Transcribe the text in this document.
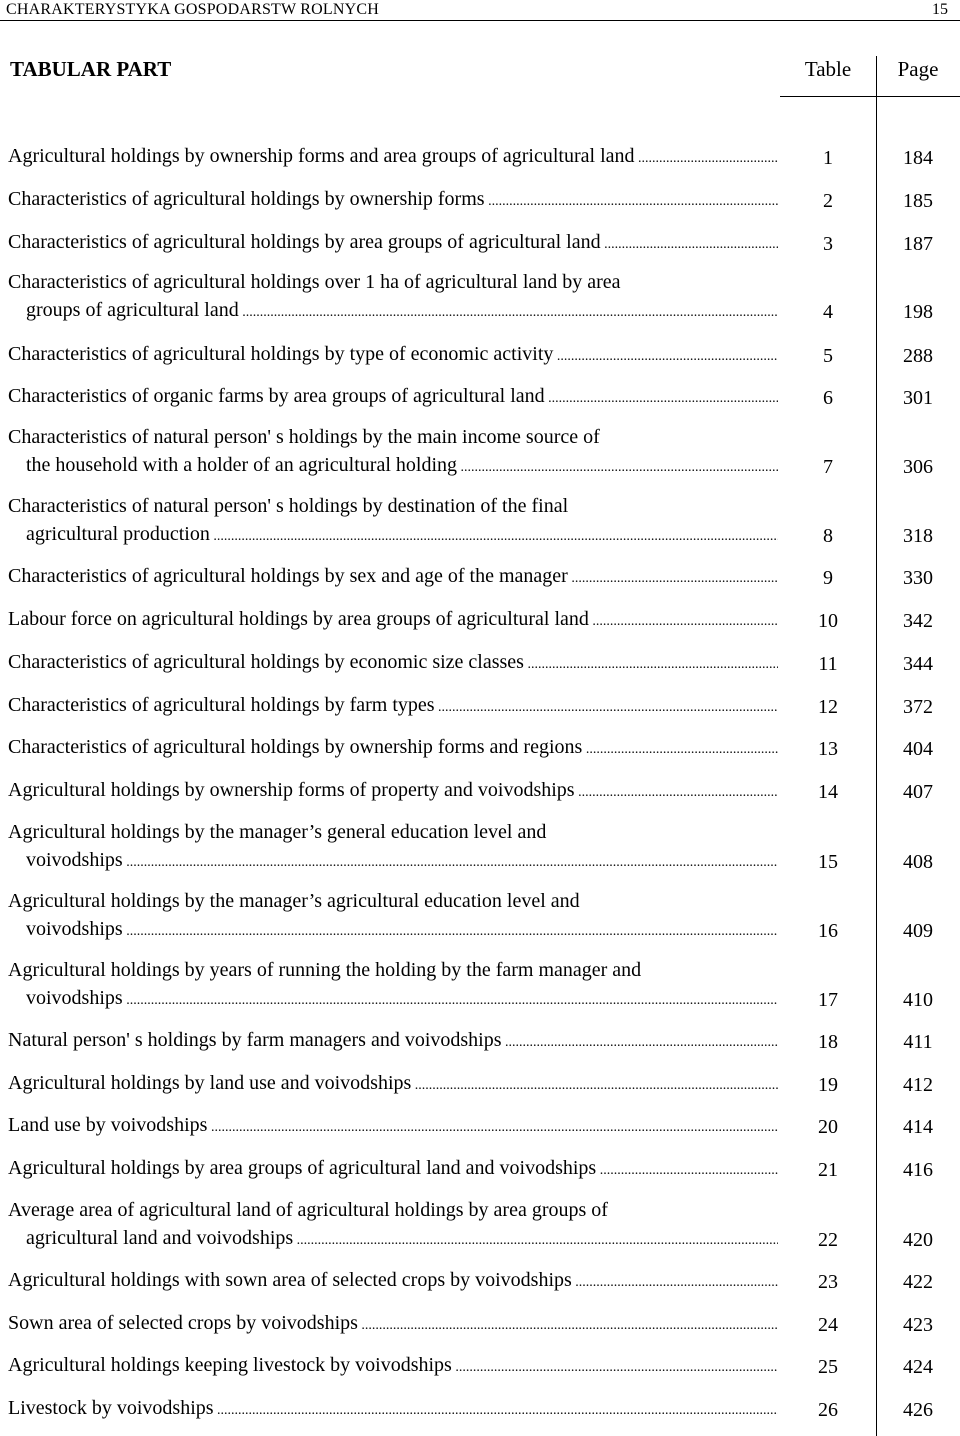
CHARAKTERYSTYKA GOSPODARSTW ROLNYCH	15
TABULAR PART	Table	Page
Agricultural holdings by ownership forms and area groups of agricultural land .....	1	184
Characteristics of agricultural holdings by ownership forms .....	2	185
Characteristics of agricultural holdings by area groups of agricultural land .....	3	187
Characteristics of agricultural holdings over 1 ha of agricultural land by area
groups of agricultural land .....	4	198
Characteristics of agricultural holdings by type of economic activity .....	5	288
Characteristics of organic farms by area groups of agricultural land .....	6	301
Characteristics of natural person' s holdings by the main income source of
the household with a holder of an agricultural holding .....	7	306
Characteristics of natural person' s holdings by destination of the final
agricultural production .....	8	318
Characteristics of agricultural holdings by sex and age of the manager .....	9	330
Labour force on agricultural holdings by area groups of agricultural land .....	10	342
Characteristics of agricultural holdings by economic size classes .....	11	344
Characteristics of agricultural holdings by farm types .....	12	372
Characteristics of agricultural holdings by ownership forms and regions .....	13	404
Agricultural holdings by ownership forms of property and voivodships .....	14	407
Agricultural holdings by the manager’s general education level and
voivodships .....	15	408
Agricultural holdings by the manager’s agricultural education level and
voivodships .....	16	409
Agricultural holdings by years of running the holding by the farm manager and
voivodships .....	17	410
Natural person' s holdings by farm managers and voivodships .....	18	411
Agricultural holdings by land use and voivodships .....	19	412
Land use by voivodships .....	20	414
Agricultural holdings by area groups of agricultural land and voivodships .....	21	416
Average area of agricultural land of agricultural holdings by area groups of
agricultural land and voivodships .....	22	420
Agricultural holdings with sown area of selected crops by voivodships .....	23	422
Sown area of selected crops by voivodships .....	24	423
Agricultural holdings keeping livestock by voivodships .....	25	424
Livestock by voivodships .....	26	426
